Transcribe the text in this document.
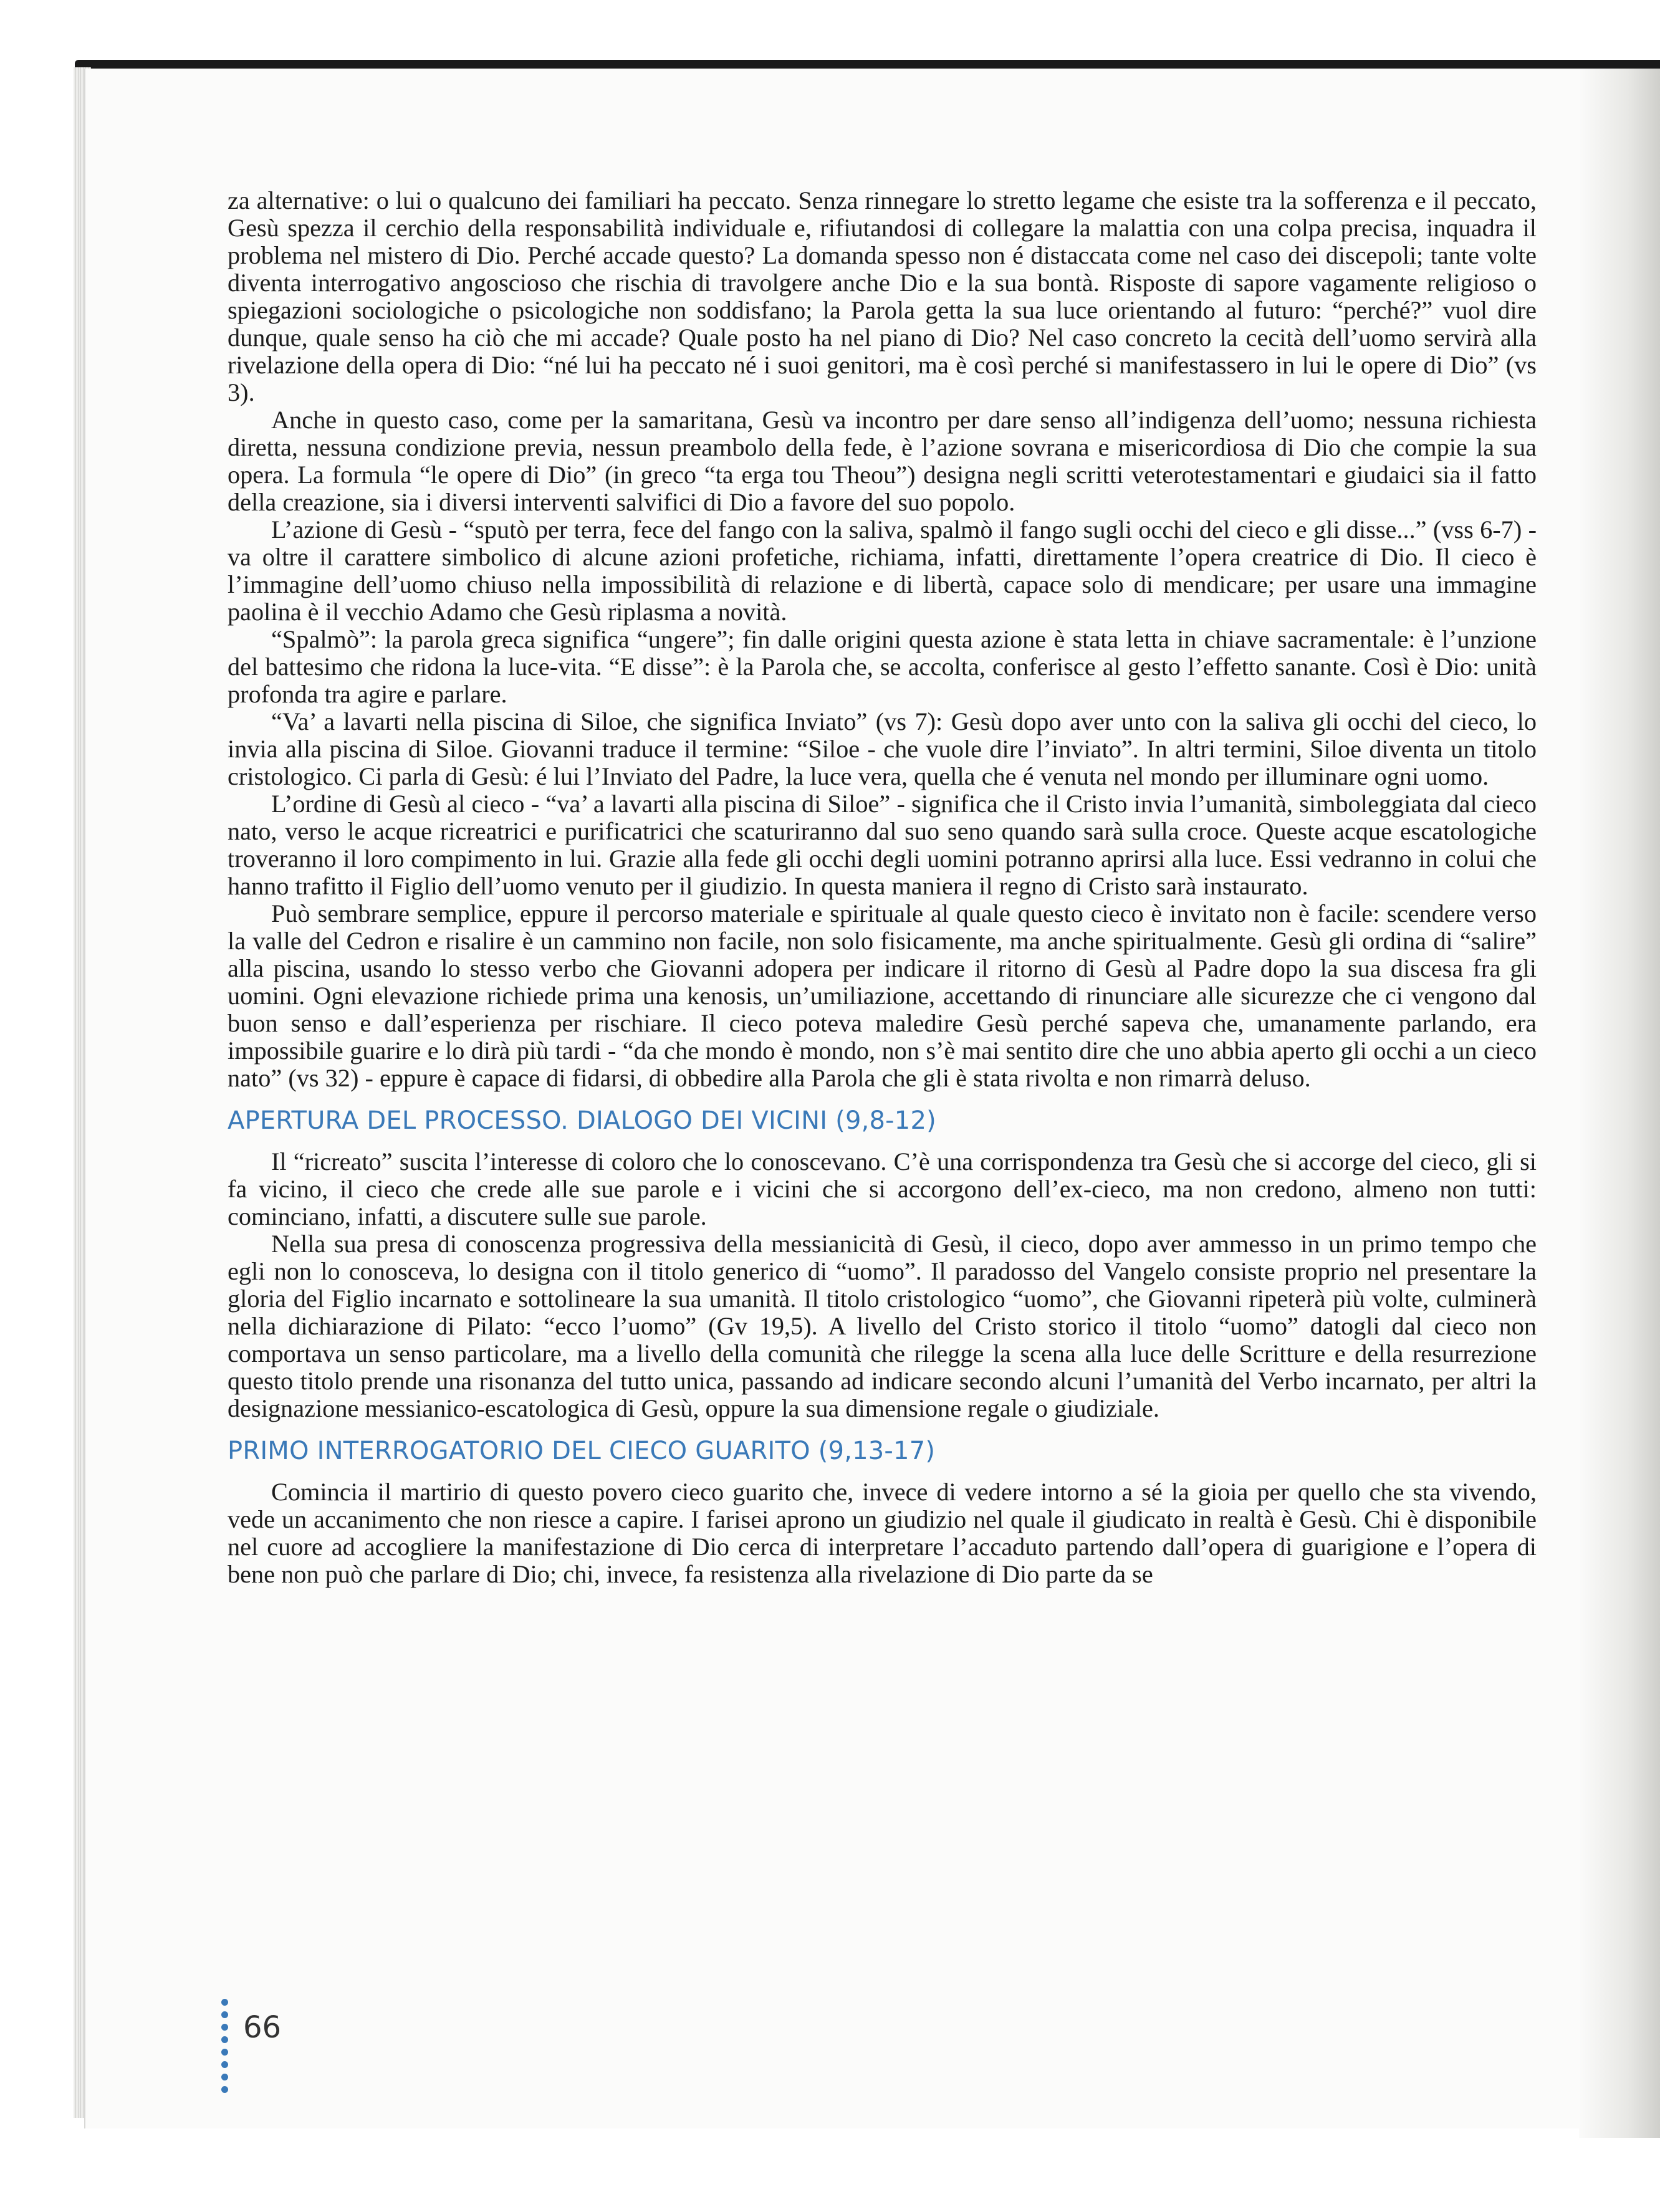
za alternative: o lui o qualcuno dei familiari ha peccato. Senza rinnegare lo stretto legame che esiste tra la sofferenza e il peccato, Gesù spezza il cerchio della responsabilità individuale e, rifiutandosi di collegare la malattia con una colpa precisa, inquadra il problema nel mistero di Dio. Perché accade questo? La domanda spesso non é distaccata come nel caso dei discepoli; tante volte diventa interrogativo angoscioso che rischia di travolgere anche Dio e la sua bontà. Risposte di sapore vagamente religioso o spiegazioni sociologiche o psicologiche non soddisfano; la Parola getta la sua luce orientando al futuro: “perché?” vuol dire dunque, quale senso ha ciò che mi accade? Quale posto ha nel piano di Dio? Nel caso concreto la cecità dell’uomo servirà alla rivelazione della opera di Dio: “né lui ha peccato né i suoi genitori, ma è così perché si manifestassero in lui le opere di Dio” (vs 3).

Anche in questo caso, come per la samaritana, Gesù va incontro per dare senso all’indigenza dell’uomo; nessuna richiesta diretta, nessuna condizione previa, nessun preambolo della fede, è l’azione sovrana e misericordiosa di Dio che compie la sua opera. La formula “le opere di Dio” (in greco “ta erga tou Theou”) designa negli scritti veterotestamentari e giudaici sia il fatto della creazione, sia i diversi interventi salvifici di Dio a favore del suo popolo.

L’azione di Gesù - “sputò per terra, fece del fango con la saliva, spalmò il fango sugli occhi del cieco e gli disse...” (vss 6-7) - va oltre il carattere simbolico di alcune azioni profetiche, richiama, infatti, direttamente l’opera creatrice di Dio. Il cieco è l’immagine dell’uomo chiuso nella impossibilità di relazione e di libertà, capace solo di mendicare; per usare una immagine paolina è il vecchio Adamo che Gesù riplasma a novità.

“Spalmò”: la parola greca significa “ungere”; fin dalle origini questa azione è stata letta in chiave sacramentale: è l’unzione del battesimo che ridona la luce-vita. “E disse”: è la Parola che, se accolta, conferisce al gesto l’effetto sanante. Così è Dio: unità profonda tra agire e parlare.

“Va’ a lavarti nella piscina di Siloe, che significa Inviato” (vs 7): Gesù dopo aver unto con la saliva gli occhi del cieco, lo invia alla piscina di Siloe. Giovanni traduce il termine: “Siloe - che vuole dire l’inviato”. In altri termini, Siloe diventa un titolo cristologico. Ci parla di Gesù: é lui l’Inviato del Padre, la luce vera, quella che é venuta nel mondo per illuminare ogni uomo.

L’ordine di Gesù al cieco - “va’ a lavarti alla piscina di Siloe” - significa che il Cristo invia l’umanità, simboleggiata dal cieco nato, verso le acque ricreatrici e purificatrici che scaturiranno dal suo seno quando sarà sulla croce. Queste acque escatologiche troveranno il loro compimento in lui. Grazie alla fede gli occhi degli uomini potranno aprirsi alla luce. Essi vedranno in colui che hanno trafitto il Figlio dell’uomo venuto per il giudizio. In questa maniera il regno di Cristo sarà instaurato.

Può sembrare semplice, eppure il percorso materiale e spirituale al quale questo cieco è invitato non è facile: scendere verso la valle del Cedron e risalire è un cammino non facile, non solo fisicamente, ma anche spiritualmente. Gesù gli ordina di “salire” alla piscina, usando lo stesso verbo che Giovanni adopera per indicare il ritorno di Gesù al Padre dopo la sua discesa fra gli uomini. Ogni elevazione richiede prima una kenosis, un’umiliazione, accettando di rinunciare alle sicurezze che ci vengono dal buon senso e dall’esperienza per rischiare. Il cieco poteva maledire Gesù perché sapeva che, umanamente parlando, era impossibile guarire e lo dirà più tardi - “da che mondo è mondo, non s’è mai sentito dire che uno abbia aperto gli occhi a un cieco nato” (vs 32) - eppure è capace di fidarsi, di obbedire alla Parola che gli è stata rivolta e non rimarrà deluso.

APERTURA DEL PROCESSO. DIALOGO DEI VICINI (9,8-12)

Il “ricreato” suscita l’interesse di coloro che lo conoscevano. C’è una corrispondenza tra Gesù che si accorge del cieco, gli si fa vicino, il cieco che crede alle sue parole e i vicini che si accorgono dell’ex-cieco, ma non credono, almeno non tutti: cominciano, infatti, a discutere sulle sue parole.

Nella sua presa di conoscenza progressiva della messianicità di Gesù, il cieco, dopo aver ammesso in un primo tempo che egli non lo conosceva, lo designa con il titolo generico di “uomo”. Il paradosso del Vangelo consiste proprio nel presentare la gloria del Figlio incarnato e sottolineare la sua umanità. Il titolo cristologico “uomo”, che Giovanni ripeterà più volte, culminerà nella dichiarazione di Pilato: “ecco l’uomo” (Gv 19,5). A livello del Cristo storico il titolo “uomo” datogli dal cieco non comportava un senso particolare, ma a livello della comunità che rilegge la scena alla luce delle Scritture e della resurrezione questo titolo prende una risonanza del tutto unica, passando ad indicare secondo alcuni l’umanità del Verbo incarnato, per altri la designazione messianico-escatologica di Gesù, oppure la sua dimensione regale o giudiziale.

PRIMO INTERROGATORIO DEL CIECO GUARITO (9,13-17)

Comincia il martirio di questo povero cieco guarito che, invece di vedere intorno a sé la gioia per quello che sta vivendo, vede un accanimento che non riesce a capire. I farisei aprono un giudizio nel quale il giudicato in realtà è Gesù. Chi è disponibile nel cuore ad accogliere la manifestazione di Dio cerca di interpretare l’accaduto partendo dall’opera di guarigione e l’opera di bene non può che parlare di Dio; chi, invece, fa resistenza alla rivelazione di Dio parte da se

66
